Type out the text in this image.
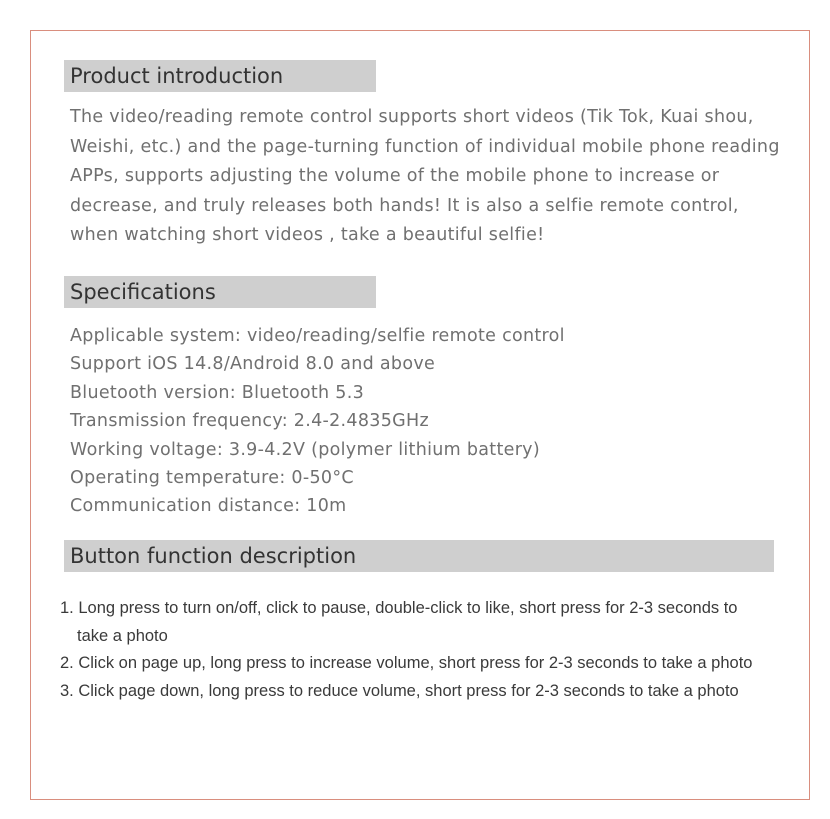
Product introduction
The video/reading remote control supports short videos (Tik Tok, Kuai shou, Weishi, etc.) and the page-turning function of individual mobile phone reading APPs, supports adjusting the volume of the mobile phone to increase or decrease, and truly releases both hands! It is also a selfie remote control, when watching short videos , take a beautiful selfie!
Specifications
Applicable system: video/reading/selfie remote control
Support iOS 14.8/Android 8.0 and above
Bluetooth version: Bluetooth 5.3
Transmission frequency: 2.4-2.4835GHz
Working voltage: 3.9-4.2V (polymer lithium battery)
Operating temperature: 0-50°C
Communication distance: 10m
Button function description
1. Long press to turn on/off, click to pause, double-click to like, short press for 2-3 seconds to take a photo
2. Click on page up, long press to increase volume, short press for 2-3 seconds to take a photo
3. Click page down, long press to reduce volume, short press for 2-3 seconds to take a photo
